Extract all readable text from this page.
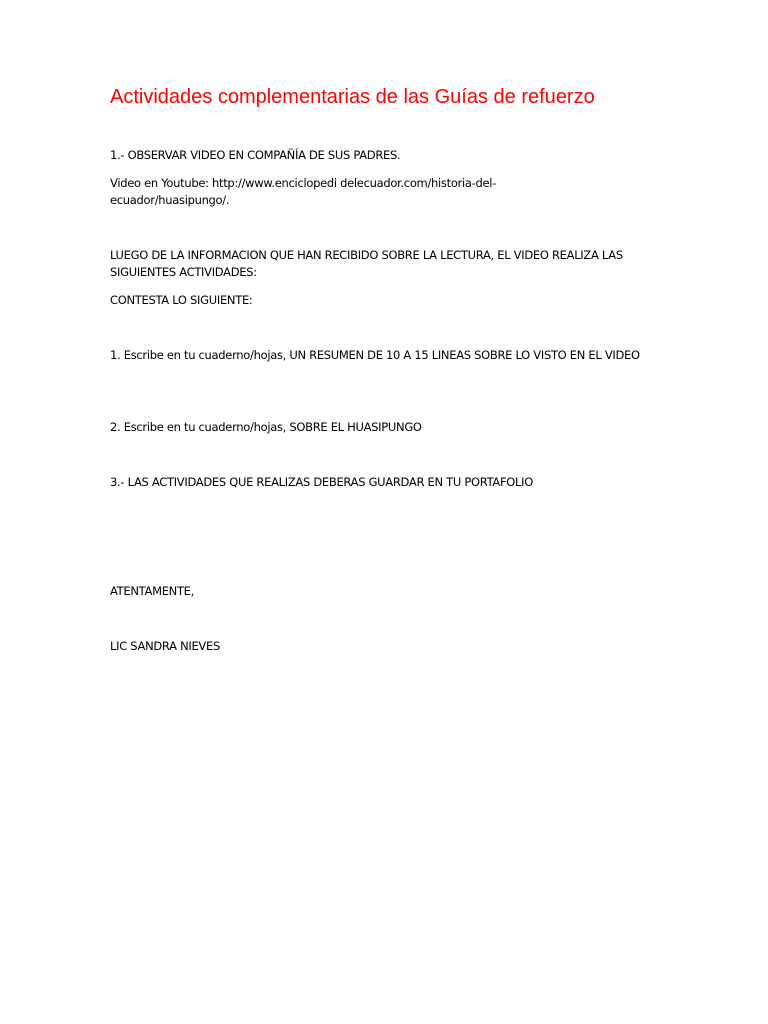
Actividades complementarias de las Guías de refuerzo
1.- OBSERVAR VIDEO EN COMPAÑÍA DE SUS PADRES.
Video en Youtube: http://www.enciclopedi delecuador.com/historia-del-ecuador/huasipungo/.
LUEGO DE LA INFORMACION QUE HAN RECIBIDO SOBRE LA LECTURA, EL VIDEO REALIZA LAS SIGUIENTES ACTIVIDADES:
CONTESTA LO SIGUIENTE:
1. Escribe en tu cuaderno/hojas, UN RESUMEN DE 10 A 15 LINEAS SOBRE LO VISTO EN EL VIDEO
2. Escribe en tu cuaderno/hojas, SOBRE EL HUASIPUNGO
3.- LAS ACTIVIDADES QUE REALIZAS DEBERAS GUARDAR EN TU PORTAFOLIO
ATENTAMENTE,
LIC SANDRA NIEVES
